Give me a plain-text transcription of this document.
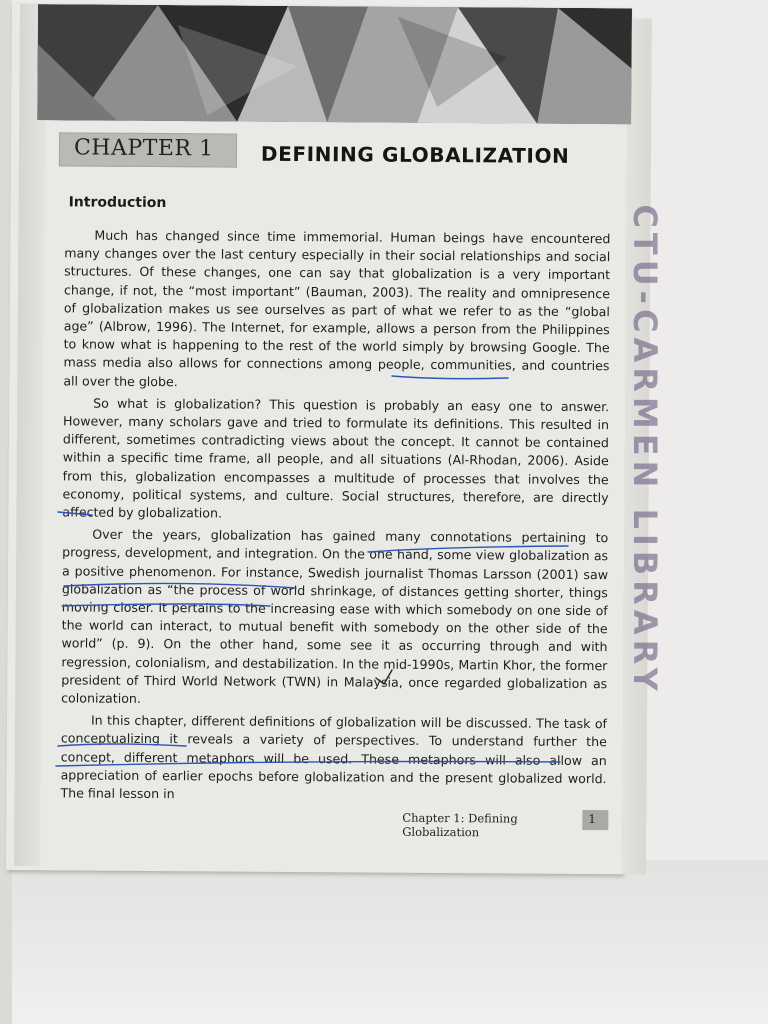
CHAPTER 1 DEFINING GLOBALIZATION
Introduction

Much has changed since time immemorial. Human beings have encountered many changes over the last century especially in their social relationships and social structures. Of these changes, one can say that globalization is a very important change, if not, the “most important” (Bauman, 2003). The reality and omnipresence of globalization makes us see ourselves as part of what we refer to as the “global age” (Albrow, 1996). The Internet, for example, allows a person from the Philippines to know what is happening to the rest of the world simply by browsing Google. The mass media also allows for connections among people, communities, and countries all over the globe.

So what is globalization? This question is probably an easy one to answer. However, many scholars gave and tried to formulate its definitions. This resulted in different, sometimes contradicting views about the concept. It cannot be contained within a specific time frame, all people, and all situations (Al-Rhodan, 2006). Aside from this, globalization encompasses a multitude of processes that involves the economy, political systems, and culture. Social structures, therefore, are directly affected by globalization.

Over the years, globalization has gained many connotations pertaining to progress, development, and integration. On the one hand, some view globalization as a positive phenomenon. For instance, Swedish journalist Thomas Larsson (2001) saw globalization as “the process of world shrinkage, of distances getting shorter, things moving closer. It pertains to the increasing ease with which somebody on one side of the world can interact, to mutual benefit with somebody on the other side of the world” (p. 9). On the other hand, some see it as occurring through and with regression, colonialism, and destabilization. In the mid-1990s, Martin Khor, the former president of Third World Network (TWN) in Malaysia, once regarded globalization as colonization.

In this chapter, different definitions of globalization will be discussed. The task of conceptualizing it reveals a variety of perspectives. To understand further the concept, different metaphors will be used. These metaphors will also allow an appreciation of earlier epochs before globalization and the present globalized world. The final lesson in

Chapter 1: Defining Globalization
1
CTU-CARMEN LIBRARY
